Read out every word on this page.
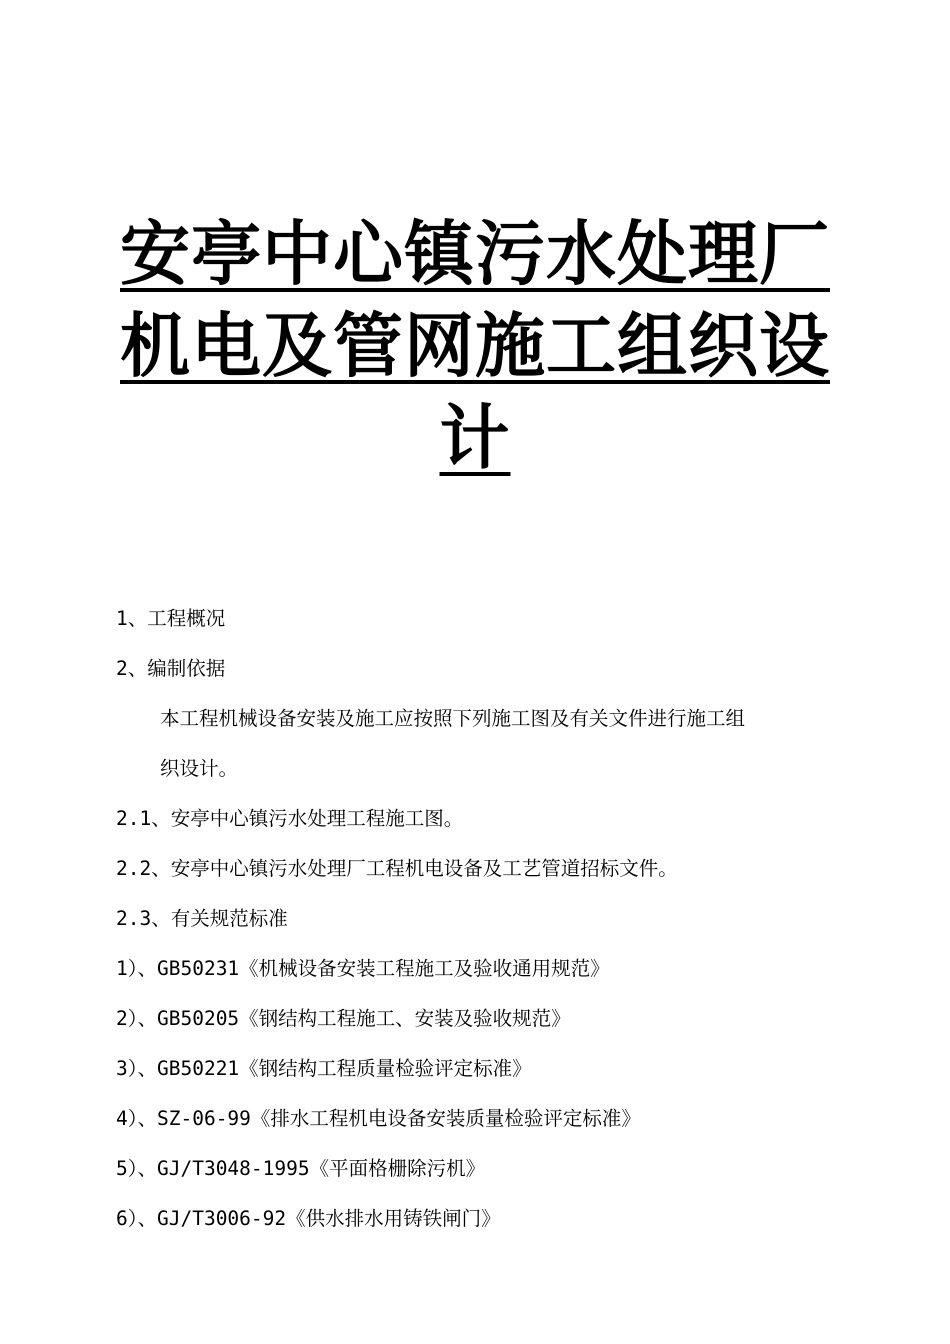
安亭中心镇污水处理厂
机电及管网施工组织设
计
1、工程概况
2、编制依据
本工程机械设备安装及施工应按照下列施工图及有关文件进行施工组
织设计。
2.1、安亭中心镇污水处理工程施工图。
2.2、安亭中心镇污水处理厂工程机电设备及工艺管道招标文件。
2.3、有关规范标准
1）、GB50231《机械设备安装工程施工及验收通用规范》
2）、GB50205《钢结构工程施工、安装及验收规范》
3）、GB50221《钢结构工程质量检验评定标准》
4）、SZ-06-99《排水工程机电设备安装质量检验评定标准》
5）、GJ/T3048-1995《平面格栅除污机》
6）、GJ/T3006-92《供水排水用铸铁闸门》
